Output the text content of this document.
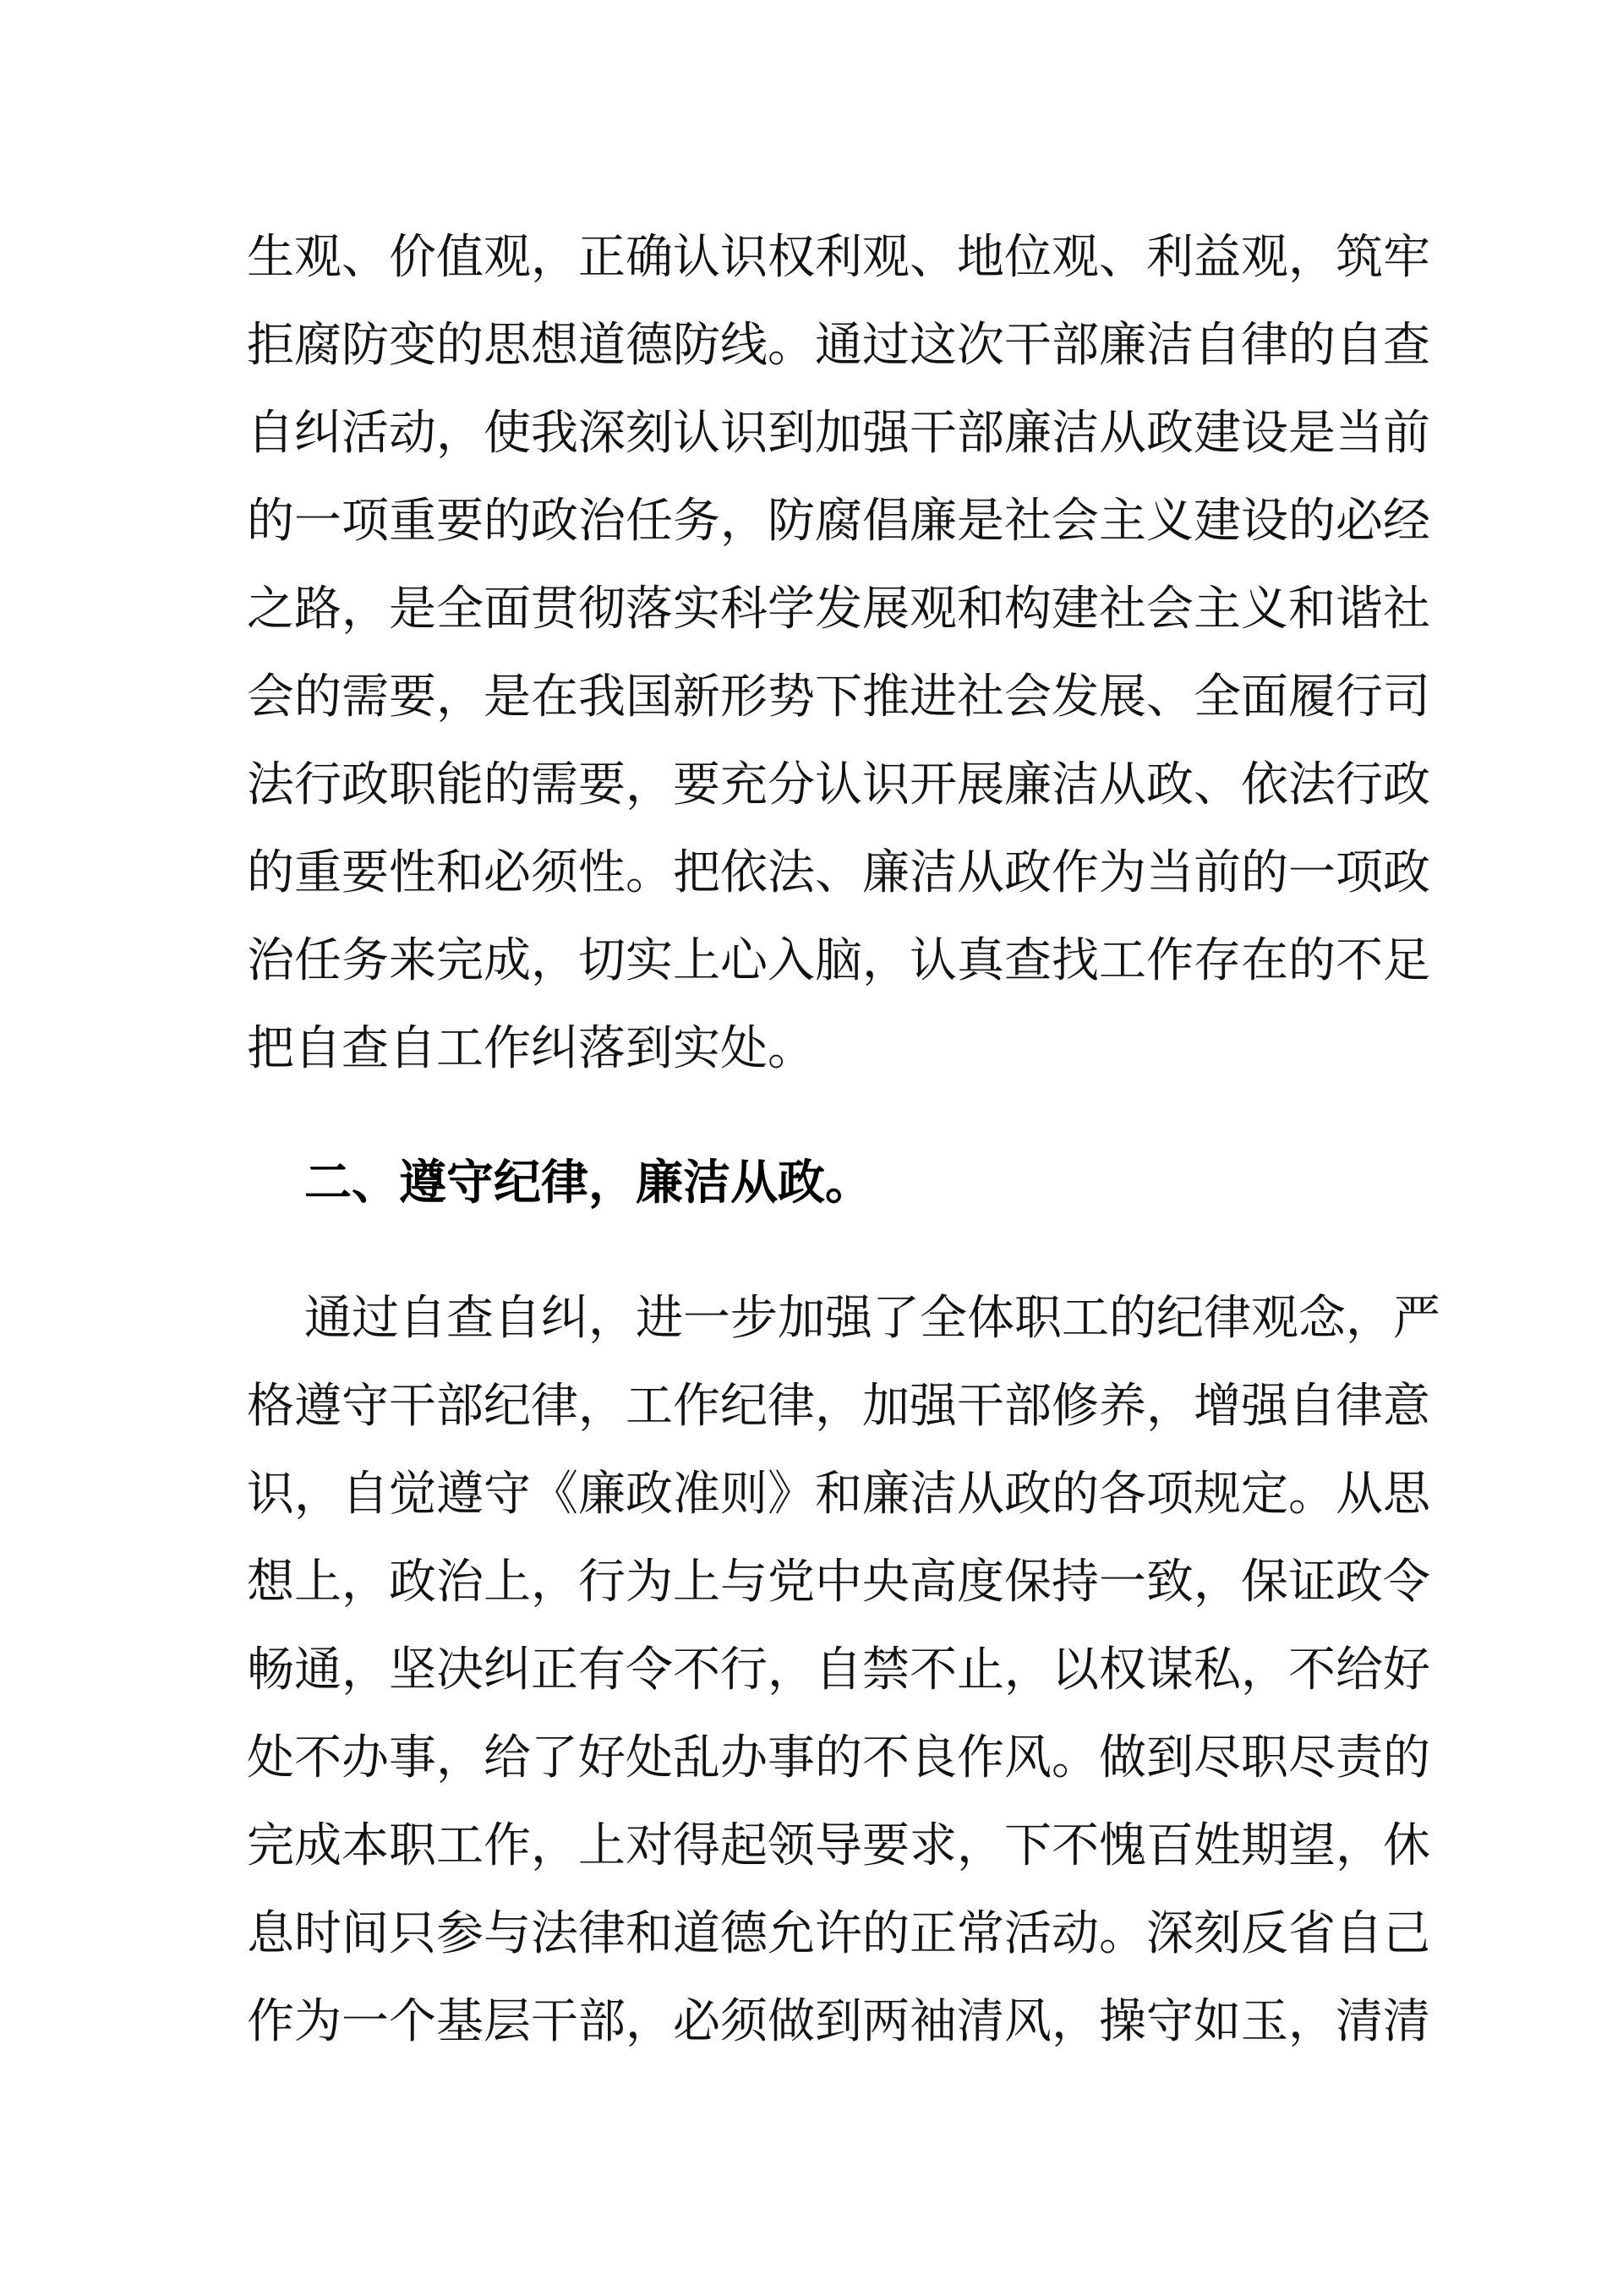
生观、价值观，正确认识权利观、地位观、利益观，筑牢
拒腐防变的思想道德防线。通过这次干部廉洁自律的自查
自纠活动，使我深刻认识到加强干部廉洁从政建设是当前
的一项重要的政治任务，防腐倡廉是社会主义建设的必经
之路，是全面贯彻落实科学发展观和构建社会主义和谐社
会的需要，是在我国新形势下推进社会发展、全面履行司
法行政职能的需要，要充分认识开展廉洁从政、依法行政
的重要性和必须性。把依法、廉洁从政作为当前的一项政
治任务来完成，切实上心入脑，认真查找工作存在的不足
把自查自工作纠落到实处。
二、遵守纪律，廉洁从政。
通过自查自纠，进一步加强了全体职工的纪律观念，严
格遵守干部纪律，工作纪律，加强干部修养，增强自律意
识，自觉遵守《廉政准则》和廉洁从政的各项规定。从思
想上，政治上，行为上与党中央高度保持一致，保证政令
畅通，坚决纠正有令不行，自禁不止，以权谋私，不给好
处不办事，给了好处乱办事的不良作风。做到尽职尽责的
完成本职工作，上对得起领导要求，下不愧百姓期望，休
息时间只参与法律和道德允许的正常活动。深刻反省自己
作为一个基层干部，必须做到两袖清风，操守如玉，清清
